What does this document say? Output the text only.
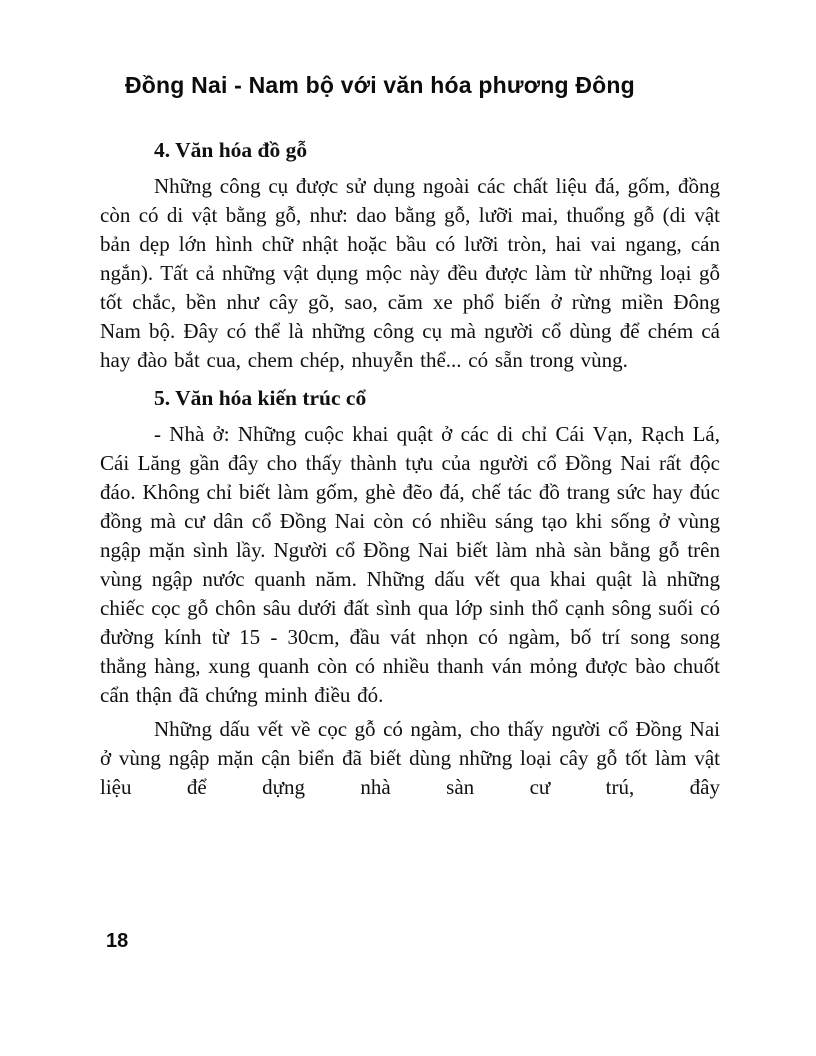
Đồng Nai - Nam bộ với văn hóa phương Đông

4. Văn hóa đồ gỗ

Những công cụ được sử dụng ngoài các chất liệu đá, gốm, đồng còn có di vật bằng gỗ, như: dao bằng gỗ, lưỡi mai, thuổng gỗ (di vật bản dẹp lớn hình chữ nhật hoặc bầu có lưỡi tròn, hai vai ngang, cán ngắn). Tất cả những vật dụng mộc này đều được làm từ những loại gỗ tốt chắc, bền như cây gõ, sao, căm xe phổ biến ở rừng miền Đông Nam bộ. Đây có thể là những công cụ mà người cổ dùng để chém cá hay đào bắt cua, chem chép, nhuyễn thể... có sẵn trong vùng.

5. Văn hóa kiến trúc cổ

- Nhà ở: Những cuộc khai quật ở các di chỉ Cái Vạn, Rạch Lá, Cái Lăng gần đây cho thấy thành tựu của người cổ Đồng Nai rất độc đáo. Không chỉ biết làm gốm, ghè đẽo đá, chế tác đồ trang sức hay đúc đồng mà cư dân cổ Đồng Nai còn có nhiều sáng tạo khi sống ở vùng ngập mặn sình lầy. Người cổ Đồng Nai biết làm nhà sàn bằng gỗ trên vùng ngập nước quanh năm. Những dấu vết qua khai quật là những chiếc cọc gỗ chôn sâu dưới đất sình qua lớp sinh thổ cạnh sông suối có đường kính từ 15 - 30cm, đầu vát nhọn có ngàm, bố trí song song thẳng hàng, xung quanh còn có nhiều thanh ván mỏng được bào chuốt cẩn thận đã chứng minh điều đó.

Những dấu vết về cọc gỗ có ngàm, cho thấy người cổ Đồng Nai ở vùng ngập mặn cận biển đã biết dùng những loại cây gỗ tốt làm vật liệu để dựng nhà sàn cư trú, đây

18
